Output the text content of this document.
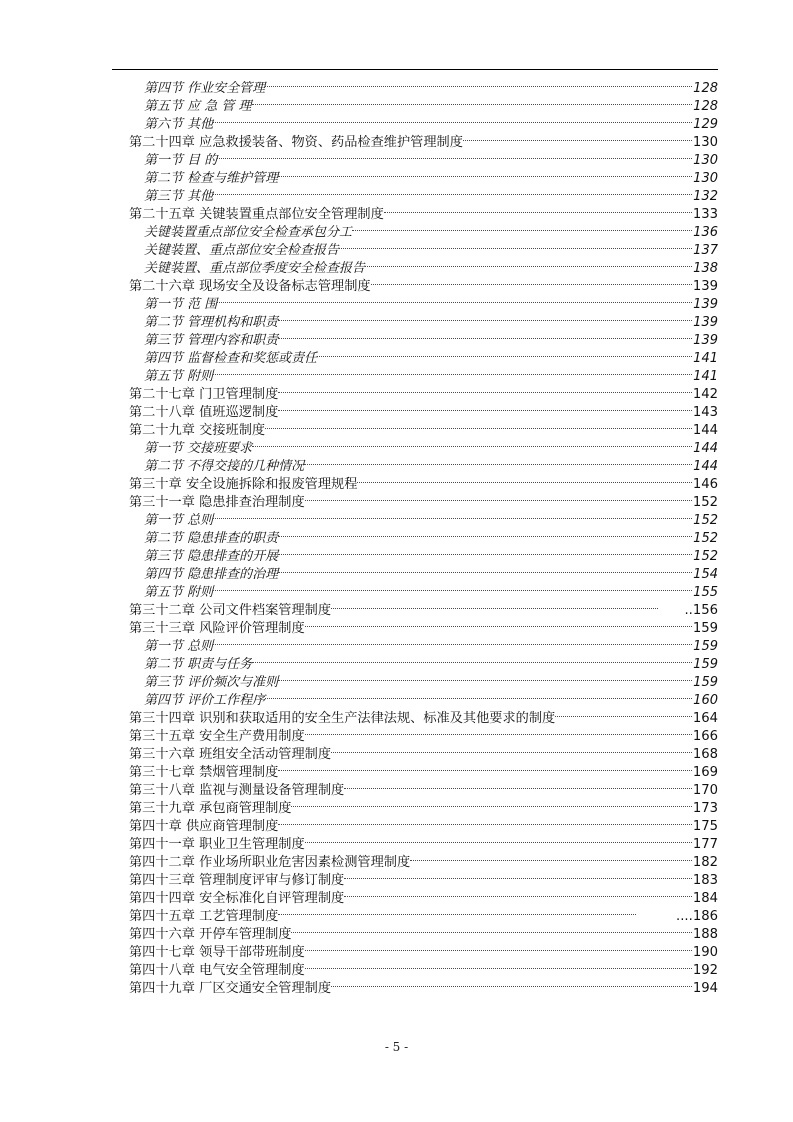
第四节 作业安全管理	128
第五节 应 急 管 理	128
第六节 其他	129
第二十四章 应急救援装备、物资、药品检查维护管理制度	130
第一节 目 的	130
第二节 检查与维护管理	130
第三节 其他	132
第二十五章 关键装置重点部位安全管理制度	133
关键装置重点部位安全检查承包分工	136
关键装置、重点部位安全检查报告	137
关键装置、重点部位季度安全检查报告	138
第二十六章 现场安全及设备标志管理制度	139
第一节 范 围	139
第二节 管理机构和职责	139
第三节 管理内容和职责	139
第四节 监督检查和奖惩或责任	141
第五节 附则	141
第二十七章 门卫管理制度	142
第二十八章 值班巡逻制度	143
第二十九章 交接班制度	144
第一节 交接班要求	144
第二节 不得交接的几种情况	144
第三十章 安全设施拆除和报废管理规程	146
第三十一章 隐患排查治理制度	152
第一节 总则	152
第二节 隐患排查的职责	152
第三节 隐患排查的开展	152
第四节 隐患排查的治理	154
第五节 附则	155
第三十二章 公司文件档案管理制度	..156
第三十三章 风险评价管理制度	159
第一节 总则	159
第二节 职责与任务	159
第三节 评价频次与准则	159
第四节 评价工作程序	160
第三十四章 识别和获取适用的安全生产法律法规、标准及其他要求的制度	164
第三十五章 安全生产费用制度	166
第三十六章 班组安全活动管理制度	168
第三十七章 禁烟管理制度	169
第三十八章 监视与测量设备管理制度	170
第三十九章 承包商管理制度	173
第四十章 供应商管理制度	175
第四十一章 职业卫生管理制度	177
第四十二章 作业场所职业危害因素检测管理制度	182
第四十三章 管理制度评审与修订制度	183
第四十四章 安全标准化自评管理制度	184
第四十五章 工艺管理制度	....186
第四十六章 开停车管理制度	188
第四十七章 领导干部带班制度	190
第四十八章 电气安全管理制度	192
第四十九章 厂区交通安全管理制度	194
- 5 -
